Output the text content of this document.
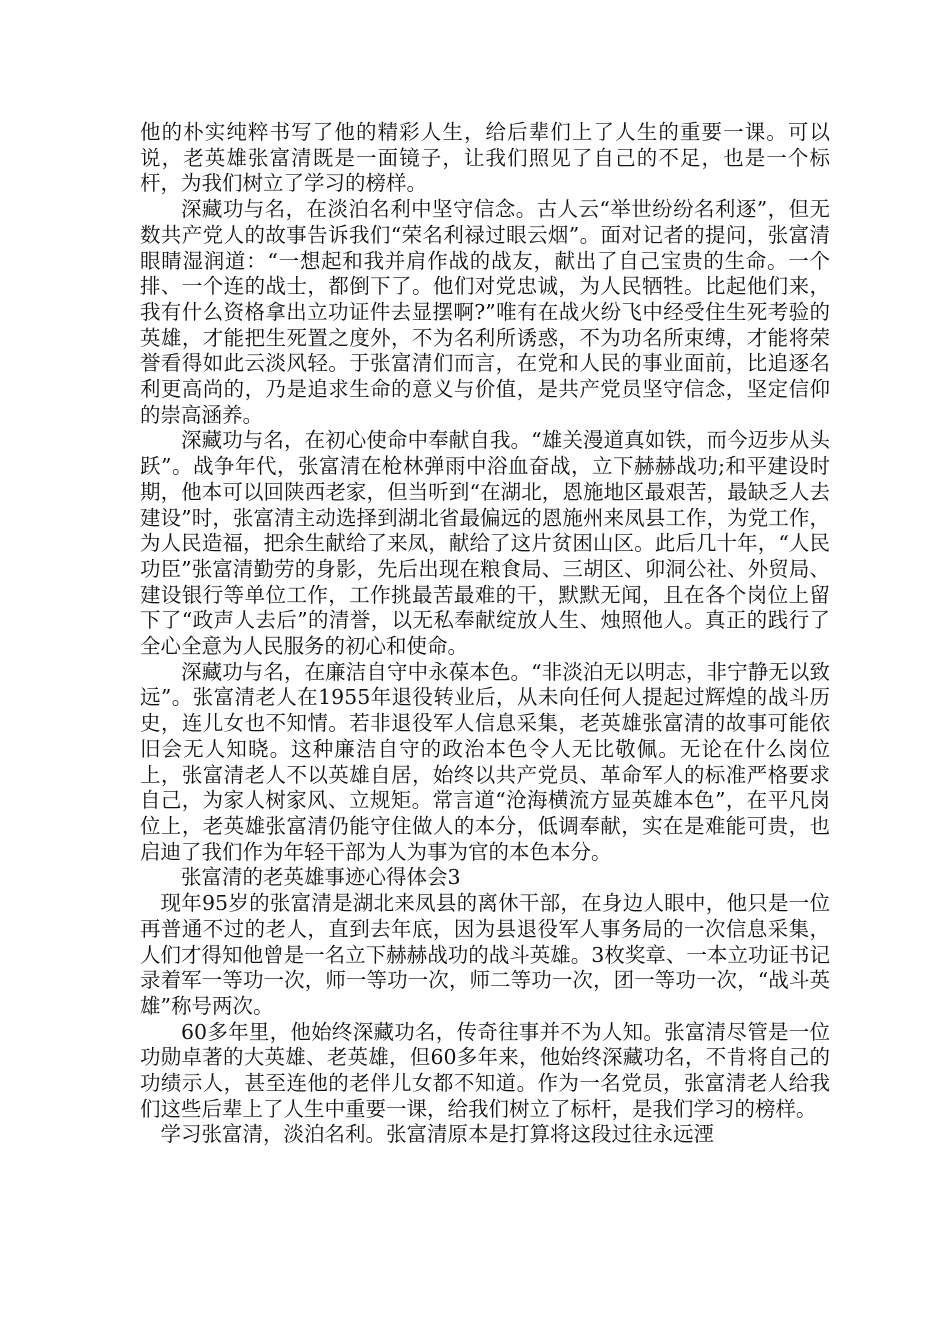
他的朴实纯粹书写了他的精彩人生，给后辈们上了人生的重要一课。可以说，老英雄张富清既是一面镜子，让我们照见了自己的不足，也是一个标杆，为我们树立了学习的榜样。

深藏功与名，在淡泊名利中坚守信念。古人云“举世纷纷名利逐”，但无数共产党人的故事告诉我们“荣名利禄过眼云烟”。面对记者的提问，张富清眼睛湿润道：“一想起和我并肩作战的战友，献出了自己宝贵的生命。一个排、一个连的战士，都倒下了。他们对党忠诚，为人民牺牲。比起他们来，我有什么资格拿出立功证件去显摆啊?”唯有在战火纷飞中经受住生死考验的英雄，才能把生死置之度外，不为名利所诱惑，不为功名所束缚，才能将荣誉看得如此云淡风轻。于张富清们而言，在党和人民的事业面前，比追逐名利更高尚的，乃是追求生命的意义与价值，是共产党员坚守信念，坚定信仰的崇高涵养。

深藏功与名，在初心使命中奉献自我。“雄关漫道真如铁，而今迈步从头跃”。战争年代，张富清在枪林弹雨中浴血奋战，立下赫赫战功;和平建设时期，他本可以回陕西老家，但当听到“在湖北，恩施地区最艰苦，最缺乏人去建设”时，张富清主动选择到湖北省最偏远的恩施州来凤县工作，为党工作，为人民造福，把余生献给了来凤，献给了这片贫困山区。此后几十年，“人民功臣”张富清勤劳的身影，先后出现在粮食局、三胡区、卯洞公社、外贸局、建设银行等单位工作，工作挑最苦最难的干，默默无闻，且在各个岗位上留下了“政声人去后”的清誉，以无私奉献绽放人生、烛照他人。真正的践行了全心全意为人民服务的初心和使命。

深藏功与名，在廉洁自守中永葆本色。“非淡泊无以明志，非宁静无以致远”。张富清老人在1955年退役转业后，从未向任何人提起过辉煌的战斗历史，连儿女也不知情。若非退役军人信息采集，老英雄张富清的故事可能依旧会无人知晓。这种廉洁自守的政治本色令人无比敬佩。无论在什么岗位上，张富清老人不以英雄自居，始终以共产党员、革命军人的标准严格要求自己，为家人树家风、立规矩。常言道“沧海横流方显英雄本色”，在平凡岗位上，老英雄张富清仍能守住做人的本分，低调奉献，实在是难能可贵，也启迪了我们作为年轻干部为人为事为官的本色本分。

张富清的老英雄事迹心得体会3

现年95岁的张富清是湖北来凤县的离休干部，在身边人眼中，他只是一位再普通不过的老人，直到去年底，因为县退役军人事务局的一次信息采集，人们才得知他曾是一名立下赫赫战功的战斗英雄。3枚奖章、一本立功证书记录着军一等功一次，师一等功一次，师二等功一次，团一等功一次，“战斗英雄”称号两次。

60多年里，他始终深藏功名，传奇往事并不为人知。张富清尽管是一位功勋卓著的大英雄、老英雄，但60多年来，他始终深藏功名，不肯将自己的功绩示人，甚至连他的老伴儿女都不知道。作为一名党员，张富清老人给我们这些后辈上了人生中重要一课，给我们树立了标杆，是我们学习的榜样。

学习张富清，淡泊名利。张富清原本是打算将这段过往永远湮
